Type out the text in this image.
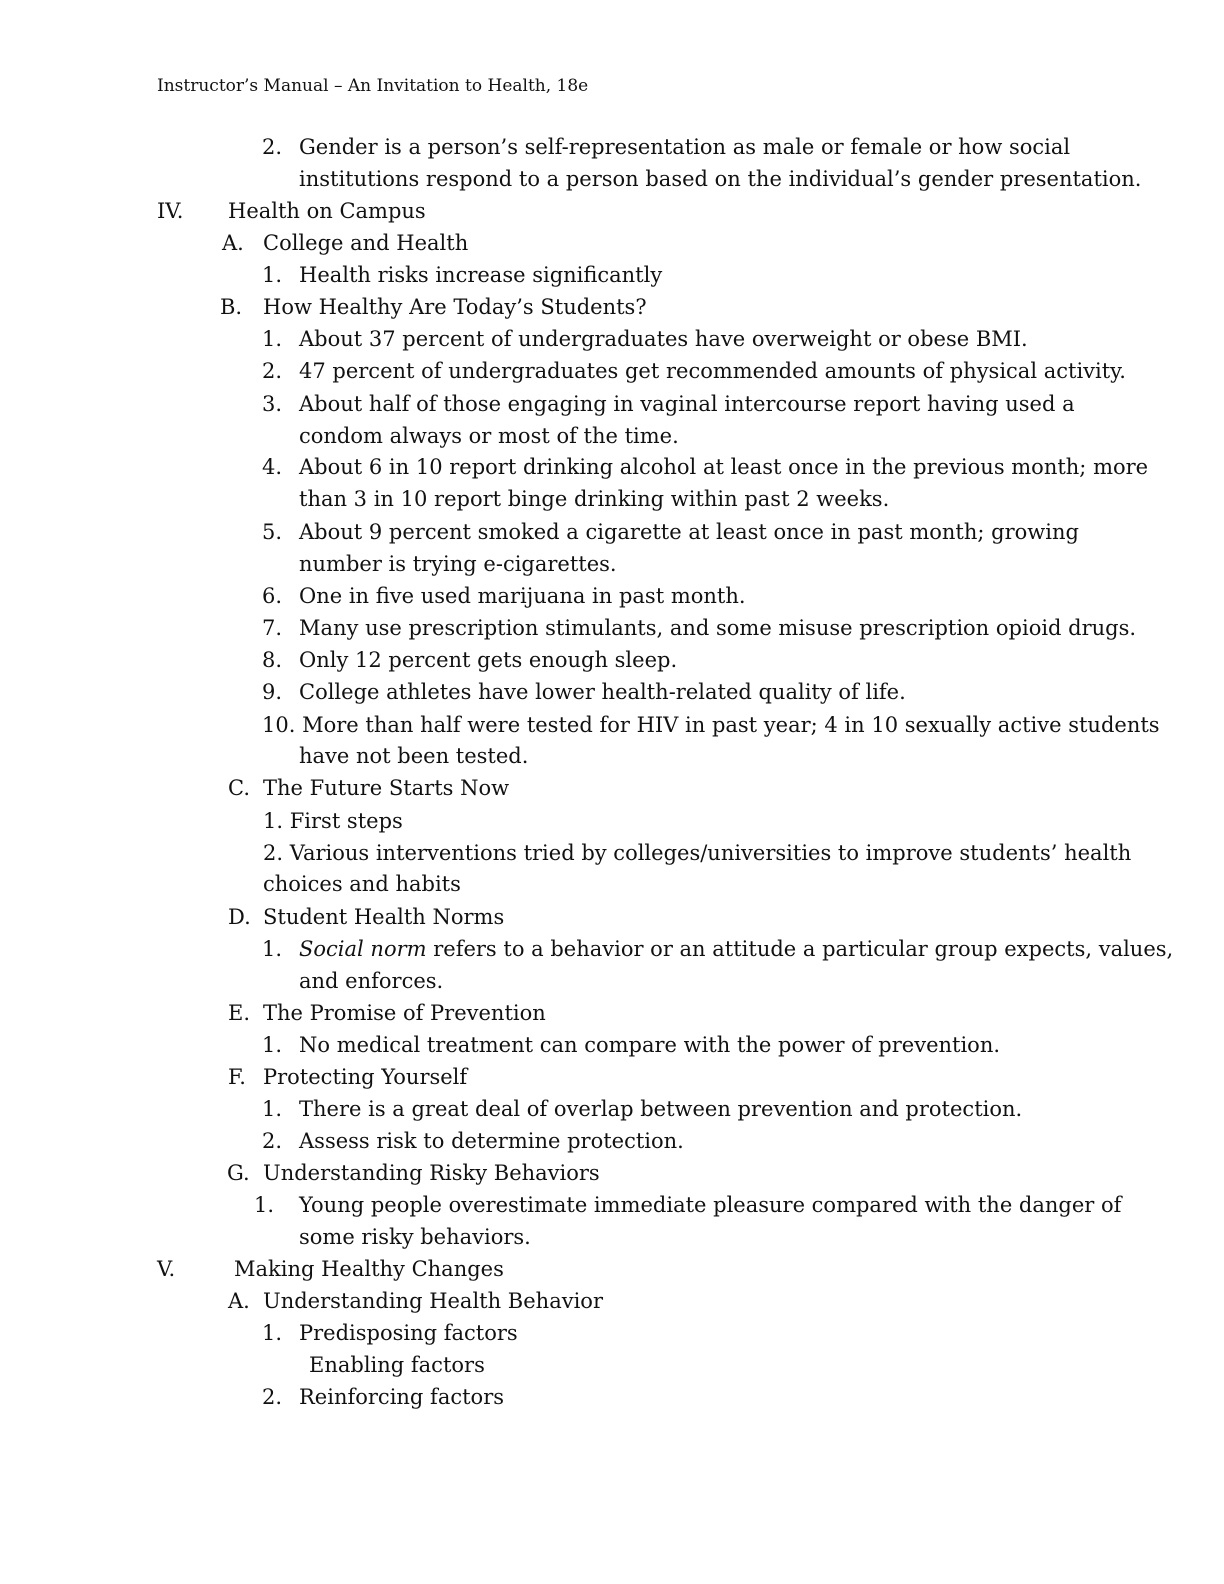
Instructor’s Manual – An Invitation to Health, 18e
2. Gender is a person’s self-representation as male or female or how social
institutions respond to a person based on the individual’s gender presentation.
IV. Health on Campus
A. College and Health
1. Health risks increase significantly
B. How Healthy Are Today’s Students?
1. About 37 percent of undergraduates have overweight or obese BMI.
2. 47 percent of undergraduates get recommended amounts of physical activity.
3. About half of those engaging in vaginal intercourse report having used a
condom always or most of the time.
4. About 6 in 10 report drinking alcohol at least once in the previous month; more
than 3 in 10 report binge drinking within past 2 weeks.
5. About 9 percent smoked a cigarette at least once in past month; growing
number is trying e-cigarettes.
6. One in five used marijuana in past month.
7. Many use prescription stimulants, and some misuse prescription opioid drugs.
8. Only 12 percent gets enough sleep.
9. College athletes have lower health-related quality of life.
10. More than half were tested for HIV in past year; 4 in 10 sexually active students
have not been tested.
C. The Future Starts Now
1. First steps
2. Various interventions tried by colleges/universities to improve students’ health
choices and habits
D. Student Health Norms
1. Social norm refers to a behavior or an attitude a particular group expects, values,
and enforces.
E. The Promise of Prevention
1. No medical treatment can compare with the power of prevention.
F. Protecting Yourself
1. There is a great deal of overlap between prevention and protection.
2. Assess risk to determine protection.
G. Understanding Risky Behaviors
1. Young people overestimate immediate pleasure compared with the danger of
some risky behaviors.
V.	Making Healthy Changes
A. Understanding Health Behavior
1. Predisposing factors
Enabling factors
2. Reinforcing factors
